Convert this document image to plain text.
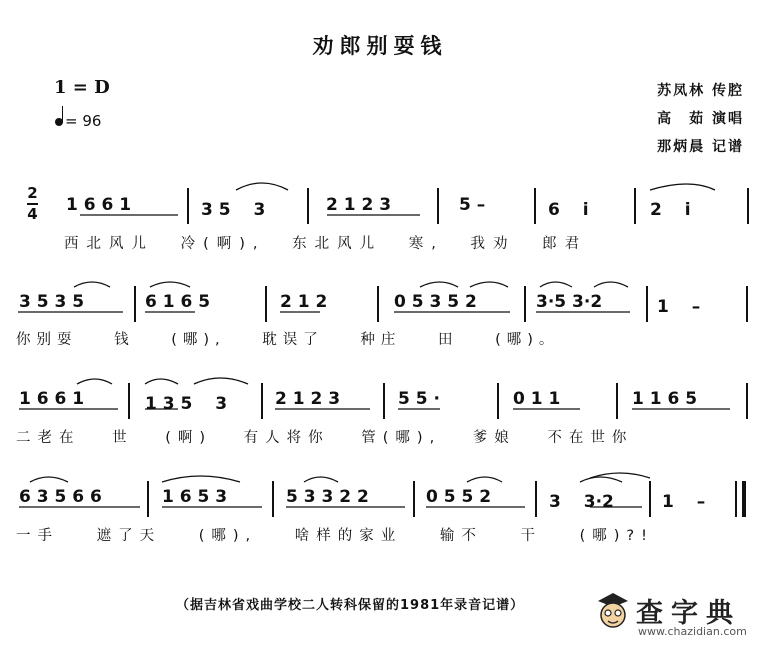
劝郎别耍钱
1 = D
= 96
苏凤林 传腔
高　茹 演唱
那炳晨 记谱
2
4 1 6 6 1	3 5 　3	2 1 2 3	5 –	6 　i	2 　i
西北风儿 冷(啊), 东北风儿 寒, 我劝 郎君
3 5 3 5	6 1 6 5	2 1 2	0 5 3 5 2	3·5 3·2	1 　–
你别耍 钱 (哪), 耽误了 种庄 田 (哪)。
1 6 6 1	1 3 5 　3	2 1 2 3	5 5 ·	0 1 1	1 1 6 5
二老在 世 (啊) 有人将你 管(哪), 爹娘 不在世你
6 3 5 6 6	1 6 5 3	5 3 3 2 2	0 5 5 2	3 　3·2	1 　–
一手 遮了天 (哪), 啥样的家业 输不 干 (哪)?!
（据吉林省戏曲学校二人转科保留的1981年录音记谱）	查字典
www.chazidian.com
